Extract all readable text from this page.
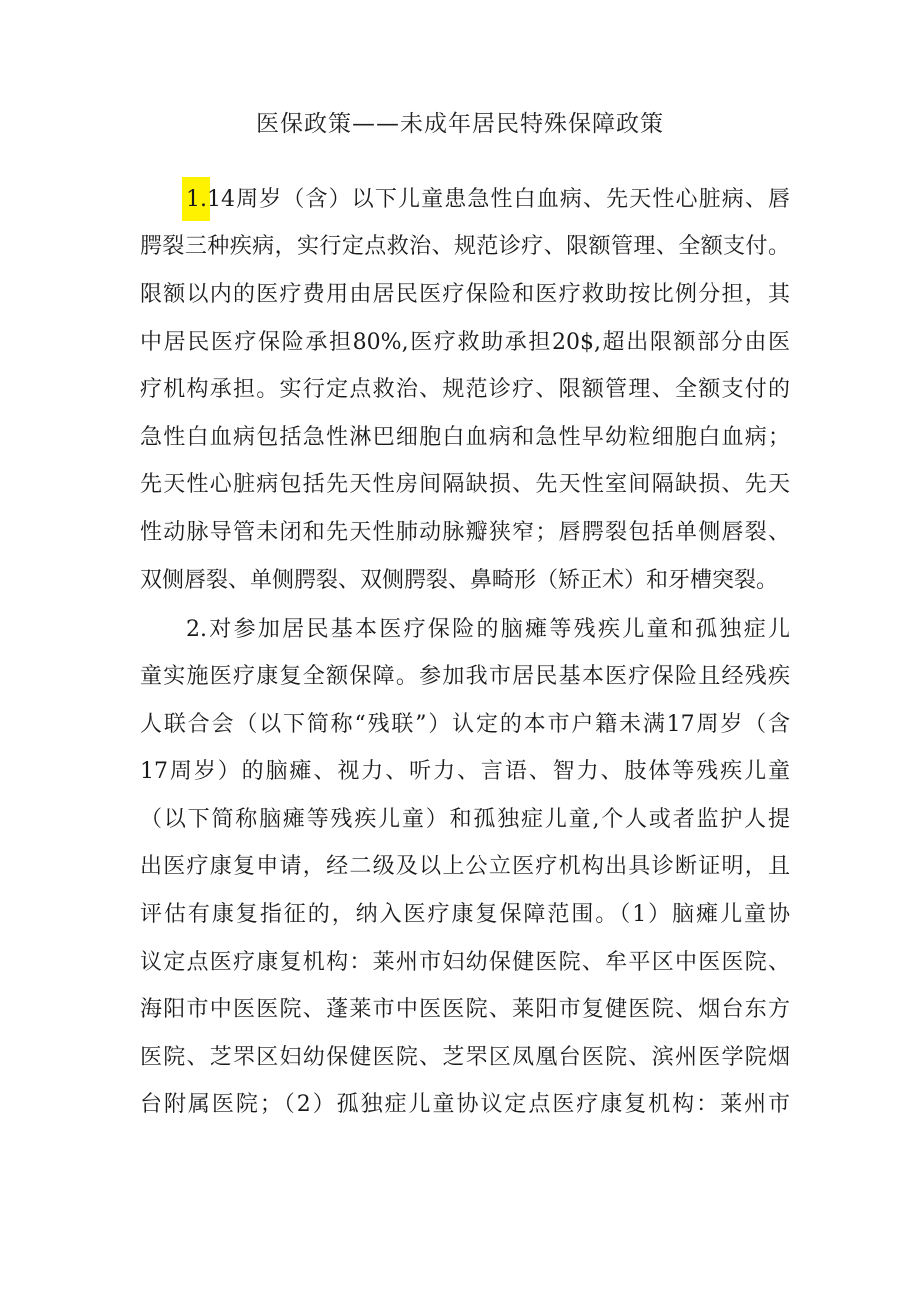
医保政策——未成年居民特殊保障政策
1.14周岁（含）以下儿童患急性白血病、先天性心脏病、唇
腭裂三种疾病，实行定点救治、规范诊疗、限额管理、全额支付。
限额以内的医疗费用由居民医疗保险和医疗救助按比例分担，其
中居民医疗保险承担80%,医疗救助承担20$,超出限额部分由医
疗机构承担。实行定点救治、规范诊疗、限额管理、全额支付的
急性白血病包括急性淋巴细胞白血病和急性早幼粒细胞白血病；
先天性心脏病包括先天性房间隔缺损、先天性室间隔缺损、先天
性动脉导管未闭和先天性肺动脉瓣狭窄；唇腭裂包括单侧唇裂、
双侧唇裂、单侧腭裂、双侧腭裂、鼻畸形（矫正术）和牙槽突裂。
2.对参加居民基本医疗保险的脑瘫等残疾儿童和孤独症儿
童实施医疗康复全额保障。参加我市居民基本医疗保险且经残疾
人联合会（以下简称“残联”）认定的本市户籍未满17周岁（含
17周岁）的脑瘫、视力、听力、言语、智力、肢体等残疾儿童
（以下简称脑瘫等残疾儿童）和孤独症儿童,个人或者监护人提
出医疗康复申请，经二级及以上公立医疗机构出具诊断证明，且
评估有康复指征的，纳入医疗康复保障范围。（1）脑瘫儿童协
议定点医疗康复机构：莱州市妇幼保健医院、牟平区中医医院、
海阳市中医医院、蓬莱市中医医院、莱阳市复健医院、烟台东方
医院、芝罘区妇幼保健医院、芝罘区凤凰台医院、滨州医学院烟
台附属医院；（2）孤独症儿童协议定点医疗康复机构：莱州市
